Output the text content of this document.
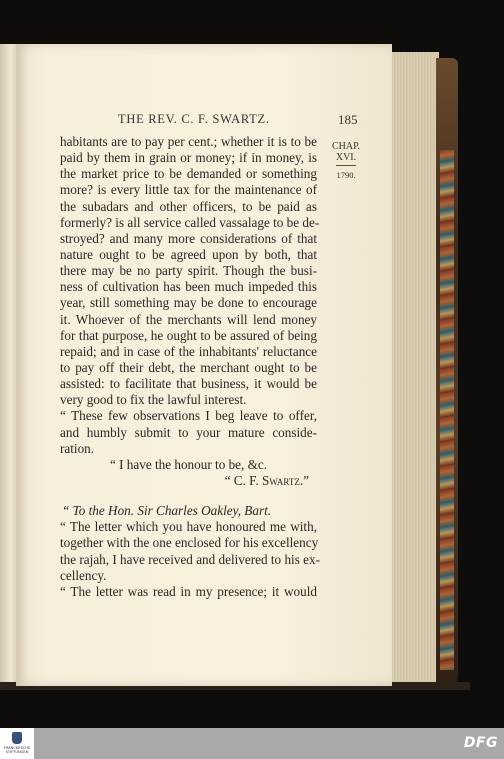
THE REV. C. F. SWARTZ.	185
CHAP.
XVI.
1790.
habitants are to pay per cent.; whether it is to be
paid by them in grain or money; if in money, is
the market price to be demanded or something
more? is every little tax for the maintenance of
the subadars and other officers, to be paid as
formerly? is all service called vassalage to be de-
stroyed? and many more considerations of that
nature ought to be agreed upon by both, that
there may be no party spirit. Though the busi-
ness of cultivation has been much impeded this
year, still something may be done to encourage
it. Whoever of the merchants will lend money
for that purpose, he ought to be assured of being
repaid; and in case of the inhabitants' reluctance
to pay off their debt, the merchant ought to be
assisted: to facilitate that business, it would be
very good to fix the lawful interest.
“ These few observations I beg leave to offer,
and humbly submit to your mature conside-
ration.
“ I have the honour to be, &c.
“ C. F. Swartz.”
“ To the Hon. Sir Charles Oakley, Bart.
“ The letter which you have honoured me with,
together with the one enclosed for his excellency
the rajah, I have received and delivered to his ex-
cellency.
“ The letter was read in my presence; it would
FRANCKESCHE STIFTUNGEN
DFG
